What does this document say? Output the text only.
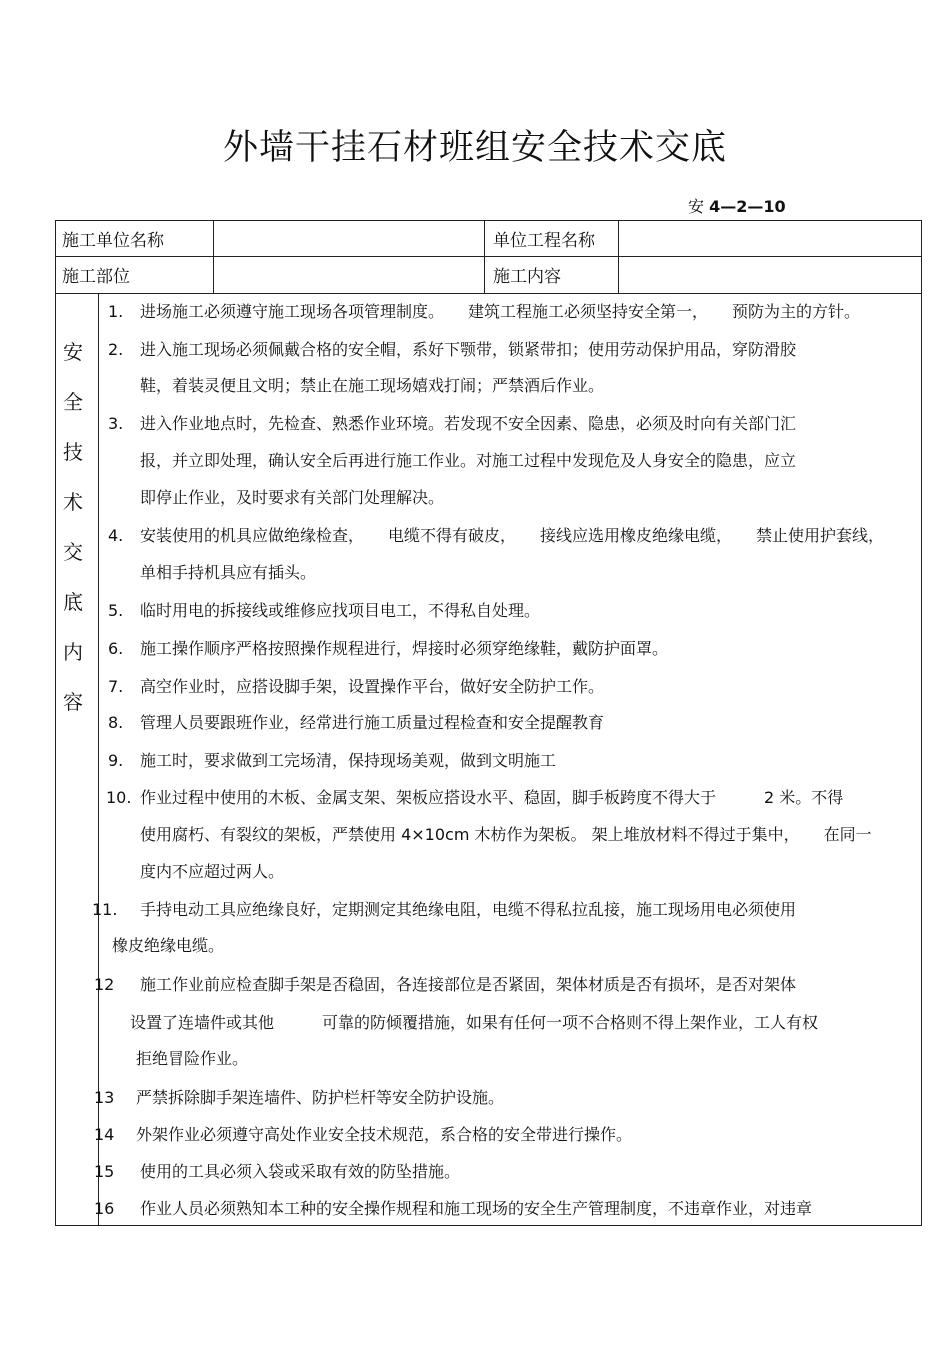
外墙干挂石材班组安全技术交底
安 4—2—10
施工单位名称	单位工程名称
施工部位	施工内容
安
全
技
术
交
底
内
容
1. 进场施工必须遵守施工现场各项管理制度。　　建筑工程施工必须坚持安全第一，　　预防为主的方针。
2. 进入施工现场必须佩戴合格的安全帽，系好下颚带，锁紧带扣；使用劳动保护用品，穿防滑胶
鞋，着装灵便且文明；禁止在施工现场嬉戏打闹；严禁酒后作业。
3. 进入作业地点时，先检查、熟悉作业环境。若发现不安全因素、隐患，必须及时向有关部门汇
报，并立即处理，确认安全后再进行施工作业。对施工过程中发现危及人身安全的隐患，应立
即停止作业，及时要求有关部门处理解决。
4. 安装使用的机具应做绝缘检查，　　电缆不得有破皮，　　接线应选用橡皮绝缘电缆，　　禁止使用护套线，
单相手持机具应有插头。
5. 临时用电的拆接线或维修应找项目电工，不得私自处理。
6. 施工操作顺序严格按照操作规程进行，焊接时必须穿绝缘鞋，戴防护面罩。
7. 高空作业时，应搭设脚手架，设置操作平台，做好安全防护工作。
8. 管理人员要跟班作业，经常进行施工质量过程检查和安全提醒教育
9. 施工时，要求做到工完场清，保持现场美观，做到文明施工
10. 作业过程中使用的木板、金属支架、架板应搭设水平、稳固，脚手板跨度不得大于　　　2 米。不得
使用腐朽、有裂纹的架板，严禁使用 4×10cm 木枋作为架板。 架上堆放材料不得过于集中，　　在同一
度内不应超过两人。
11. 手持电动工具应绝缘良好，定期测定其绝缘电阻，电缆不得私拉乱接，施工现场用电必须使用
橡皮绝缘电缆。
12 施工作业前应检查脚手架是否稳固，各连接部位是否紧固，架体材质是否有损坏，是否对架体
设置了连墙件或其他　　　可靠的防倾覆措施，如果有任何一项不合格则不得上架作业，工人有权
拒绝冒险作业。
13 严禁拆除脚手架连墙件、防护栏杆等安全防护设施。
14 外架作业必须遵守高处作业安全技术规范，系合格的安全带进行操作。
15 使用的工具必须入袋或采取有效的防坠措施。
16 作业人员必须熟知本工种的安全操作规程和施工现场的安全生产管理制度，不违章作业，对违章
